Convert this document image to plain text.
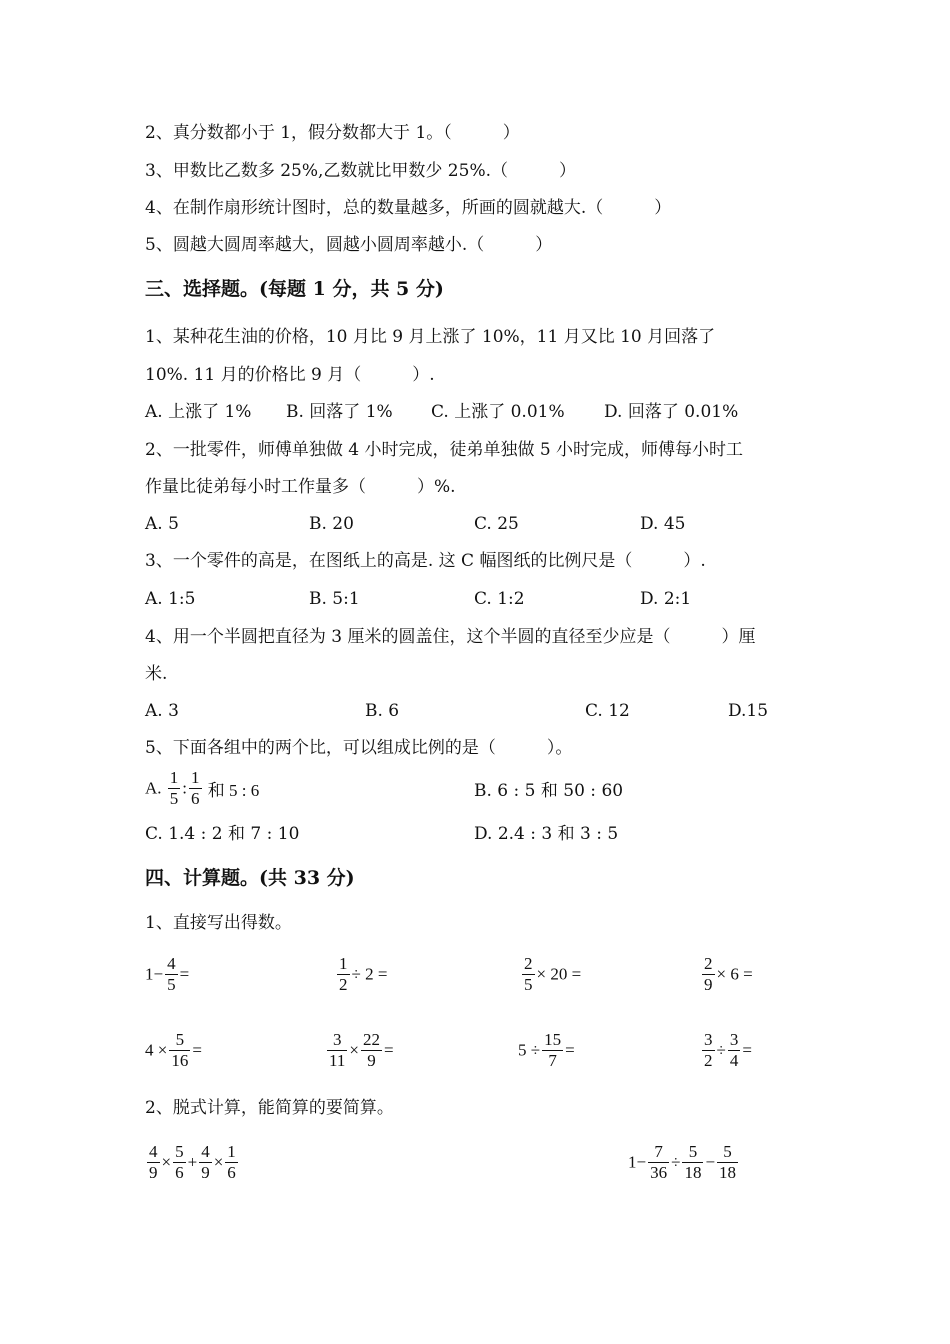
2、真分数都小于 1，假分数都大于 1。（　　　）
3、甲数比乙数多 25%,乙数就比甲数少 25%.（　　　）
4、在制作扇形统计图时，总的数量越多，所画的圆就越大.（　　　）
5、圆越大圆周率越大，圆越小圆周率越小.（　　　）
三、选择题。(每题 1 分，共 5 分)
1、某种花生油的价格，10 月比 9 月上涨了 10%，11 月又比 10 月回落了
10%. 11 月的价格比 9 月（　　　）.
A. 上涨了 1% B. 回落了 1% C. 上涨了 0.01% D. 回落了 0.01%
2、一批零件，师傅单独做 4 小时完成，徒弟单独做 5 小时完成，师傅每小时工
作量比徒弟每小时工作量多（　　　）%.
A. 5	B. 20	C. 25	D. 45
3、一个零件的高是，在图纸上的高是. 这 C 幅图纸的比例尺是（　　　）.
A. 1:5	B. 5:1	C. 1:2	D. 2:1
4、用一个半圆把直径为 3 厘米的圆盖住，这个半圆的直径至少应是（　　　）厘
米.
A. 3	B. 6	C. 12	D.15
5、下面各组中的两个比，可以组成比例的是（　　　）。
A. $\frac{1}{5}$ : $\frac{1}{6}$ 和 5 : 6	B. 6 : 5 和 50 : 60
C. 1.4 : 2 和 7 : 10	D. 2.4 : 3 和 3 : 5
四、计算题。(共 33 分)
1、直接写出得数。
$1- \frac{4}{5}$ =	$\frac{1}{2} \div 2$ =	$\frac{2}{5} \times 20$ =	$\frac{2}{9} \times 6$ =
$4 \times \frac{5}{16}$ =	$\frac{3}{11} \times \frac{22}{9}$ =	$5 \div \frac{15}{7}$ =	$\frac{3}{2} \div \frac{3}{4}$ =
2、脱式计算，能简算的要简算。
$\frac{4}{9} \times \frac{5}{6} + \frac{4}{9} \times \frac{1}{6}$	$1- \frac{7}{36} \div \frac{5}{18} - \frac{5}{18}$
